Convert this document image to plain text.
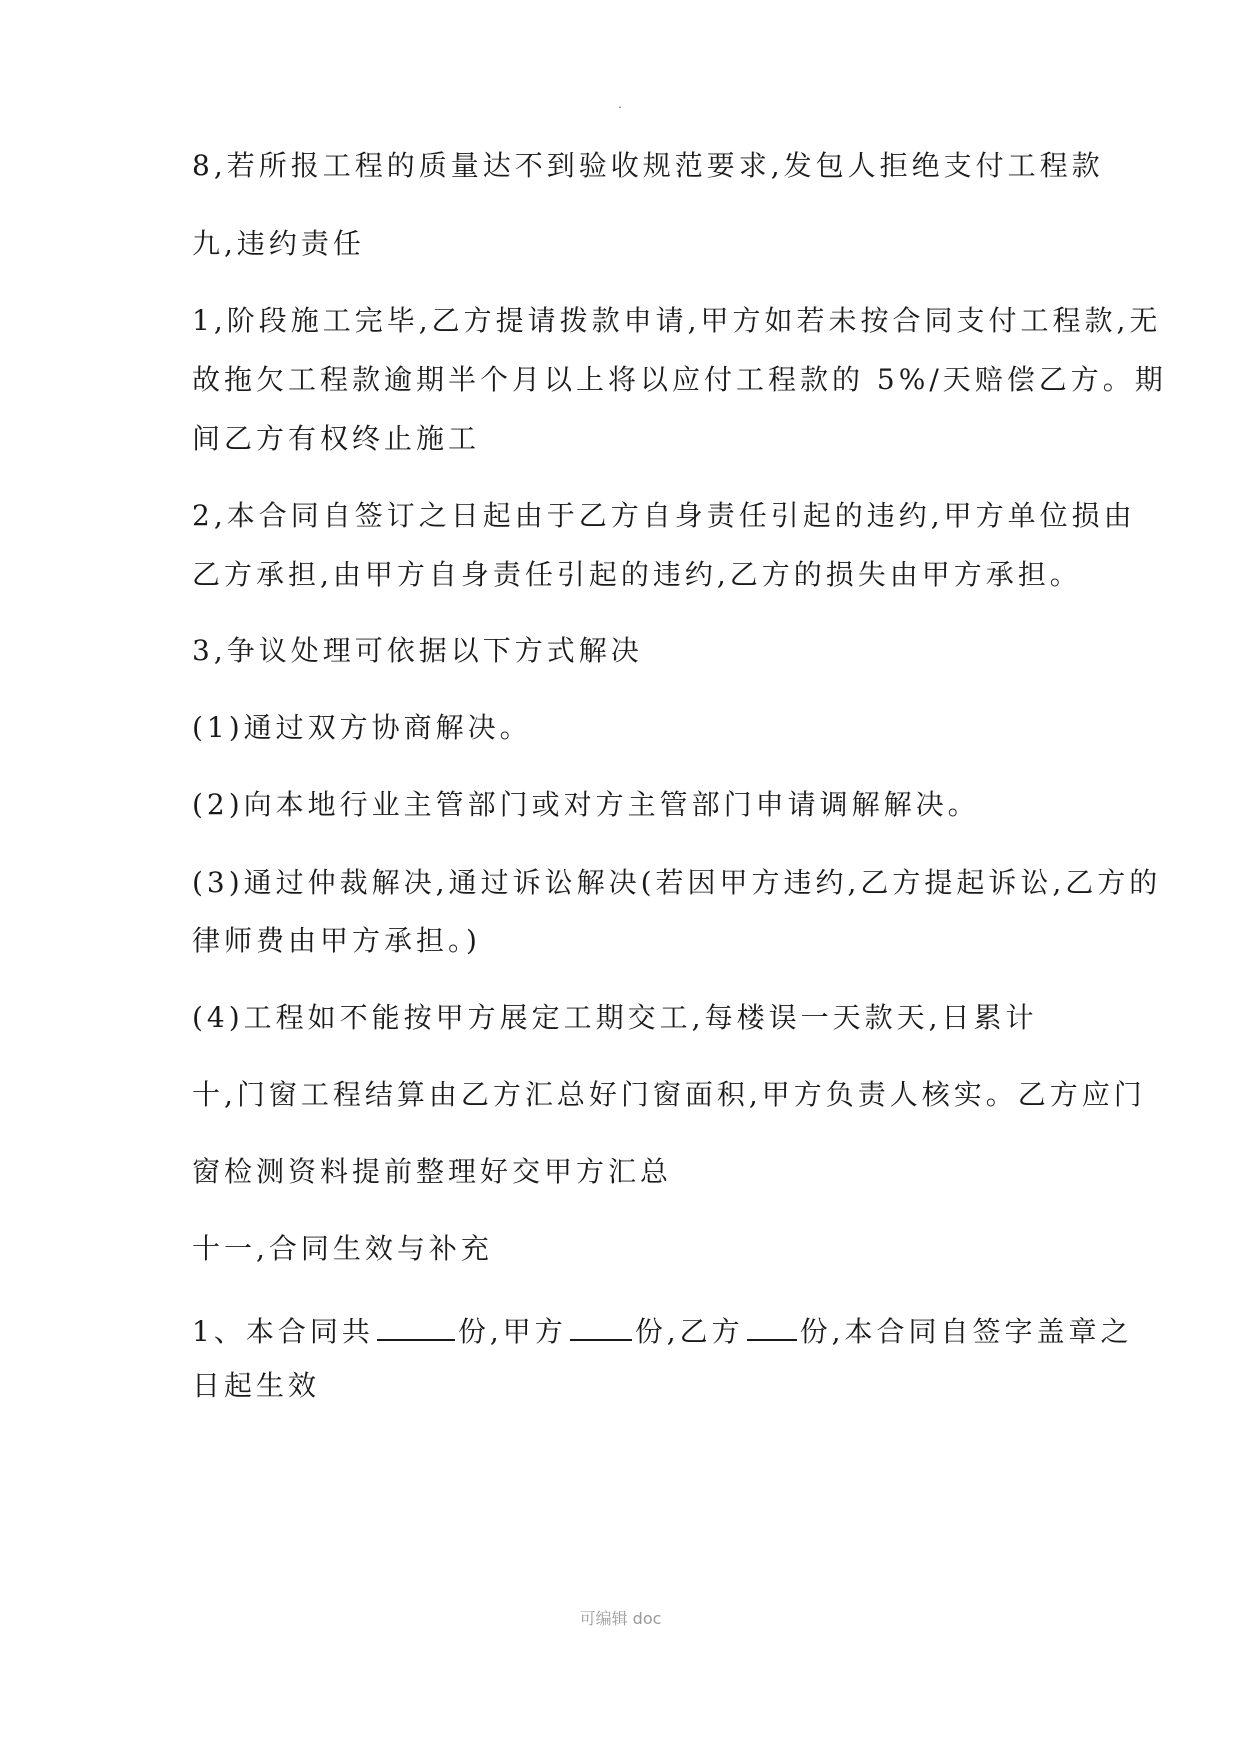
.
8,若所报工程的质量达不到验收规范要求,发包人拒绝支付工程款
九,违约责任
1,阶段施工完毕,乙方提请拨款申请,甲方如若未按合同支付工程款,无
故拖欠工程款逾期半个月以上将以应付工程款的 5%/天赔偿乙方。期
间乙方有权终止施工
2,本合同自签订之日起由于乙方自身责任引起的违约,甲方单位损由
乙方承担,由甲方自身责任引起的违约,乙方的损失由甲方承担。
3,争议处理可依据以下方式解决
(1)通过双方协商解决。
(2)向本地行业主管部门或对方主管部门申请调解解决。
(3)通过仲裁解决,通过诉讼解决(若因甲方违约,乙方提起诉讼,乙方的
律师费由甲方承担。)
(4)工程如不能按甲方展定工期交工,每楼误一天款天,日累计
十,门窗工程结算由乙方汇总好门窗面积,甲方负责人核实。乙方应门
窗检测资料提前整理好交甲方汇总
十一,合同生效与补充
1、本合同共	份,甲方 份,乙方 份,本合同自签字盖章之
日起生效
可编辑 doc
